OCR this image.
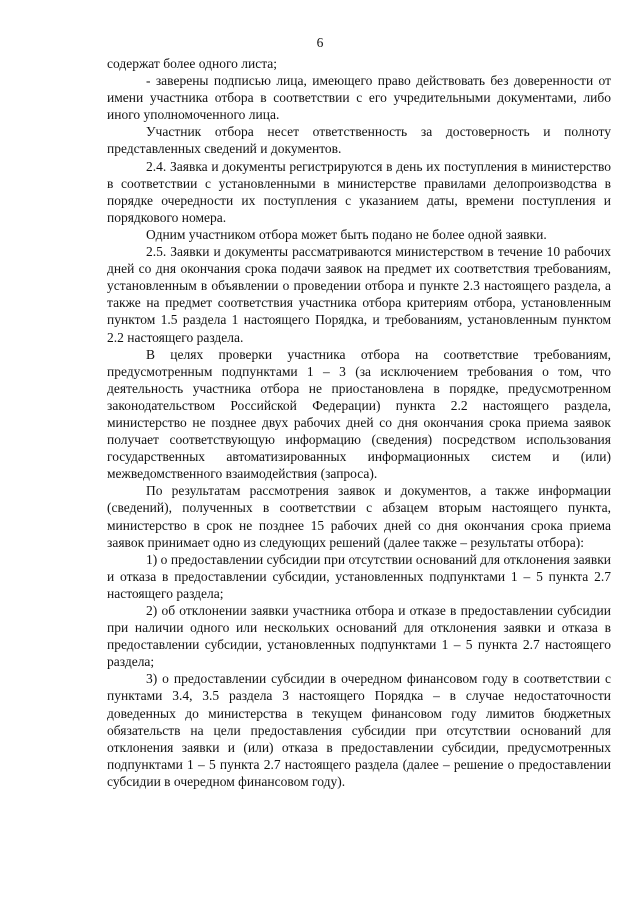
6

содержат более одного листа;

- заверены подписью лица, имеющего право действовать без доверенности от имени участника отбора в соответствии с его учредительными документами, либо иного уполномоченного лица.

Участник отбора несет ответственность за достоверность и полноту представленных сведений и документов.

2.4. Заявка и документы регистрируются в день их поступления в министерство в соответствии с установленными в министерстве правилами делопроизводства в порядке очередности их поступления с указанием даты, времени поступления и порядкового номера.

Одним участником отбора может быть подано не более одной заявки.

2.5. Заявки и документы рассматриваются министерством в течение 10 рабочих дней со дня окончания срока подачи заявок на предмет их соответствия требованиям, установленным в объявлении о проведении отбора и пункте 2.3 настоящего раздела, а также на предмет соответствия участника отбора критериям отбора, установленным пунктом 1.5 раздела 1 настоящего Порядка, и требованиям, установленным пунктом 2.2 настоящего раздела.

В целях проверки участника отбора на соответствие требованиям, предусмотренным подпунктами 1 – 3 (за исключением требования о том, что деятельность участника отбора не приостановлена в порядке, предусмотренном законодательством Российской Федерации) пункта 2.2 настоящего раздела, министерство не позднее двух рабочих дней со дня окончания срока приема заявок получает соответствующую информацию (сведения) посредством использования государственных автоматизированных информационных систем и (или) межведомственного взаимодействия (запроса).

По результатам рассмотрения заявок и документов, а также информации (сведений), полученных в соответствии с абзацем вторым настоящего пункта, министерство в срок не позднее 15 рабочих дней со дня окончания срока приема заявок принимает одно из следующих решений (далее также – результаты отбора):

1) о предоставлении субсидии при отсутствии оснований для отклонения заявки и отказа в предоставлении субсидии, установленных подпунктами 1 – 5 пункта 2.7 настоящего раздела;

2) об отклонении заявки участника отбора и отказе в предоставлении субсидии при наличии одного или нескольких оснований для отклонения заявки и отказа в предоставлении субсидии, установленных подпунктами 1 – 5 пункта 2.7 настоящего раздела;

3) о предоставлении субсидии в очередном финансовом году в соответствии с пунктами 3.4, 3.5 раздела 3 настоящего Порядка – в случае недостаточности доведенных до министерства в текущем финансовом году лимитов бюджетных обязательств на цели предоставления субсидии при отсутствии оснований для отклонения заявки и (или) отказа в предоставлении субсидии, предусмотренных подпунктами 1 – 5 пункта 2.7 настоящего раздела (далее – решение о предоставлении субсидии в очередном финансовом году).
